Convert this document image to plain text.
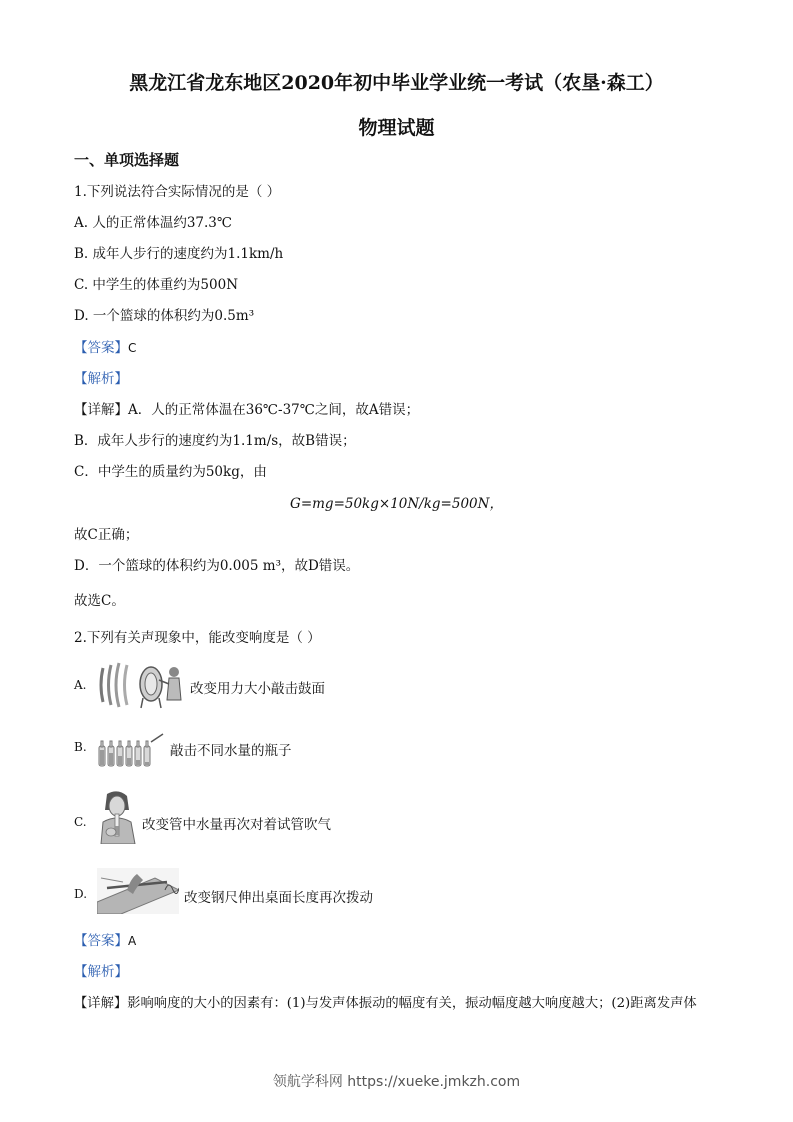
黑龙江省龙东地区2020年初中毕业学业统一考试（农垦·森工）
物理试题
一、单项选择题
1.下列说法符合实际情况的是（ ）
A. 人的正常体温约37.3℃
B. 成年人步行的速度约为1.1km/h
C. 中学生的体重约为500N
D. 一个篮球的体积约为0.5m³
【答案】C
【解析】
【详解】A．人的正常体温在36℃-37℃之间，故A错误；
B．成年人步行的速度约为1.1m/s，故B错误；
C．中学生的质量约为50kg，由
G=mg=50kg×10N/kg=500N，
故C正确；
D．一个篮球的体积约为0.005 m³，故D错误。
故选C。
2.下列有关声现象中，能改变响度是（ ）
A.	改变用力大小敲击鼓面
B.	敲击不同水量的瓶子
C.	改变管中水量再次对着试管吹气
D.	改变钢尺伸出桌面长度再次拨动
【答案】A
【解析】
【详解】影响响度的大小的因素有：(1)与发声体振动的幅度有关，振动幅度越大响度越大；(2)距离发声体
领航学科网 https://xueke.jmkzh.com
